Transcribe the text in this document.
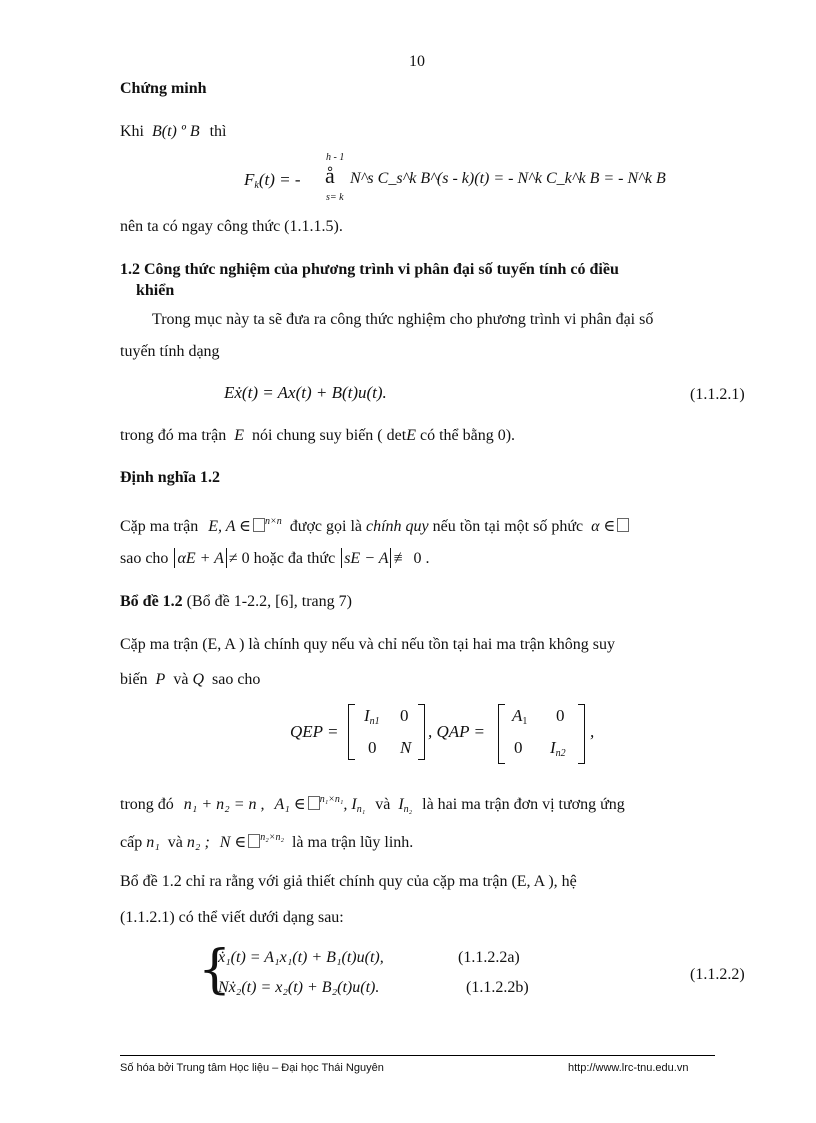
10
Chứng minh
Khi B(t) º B thì
h - 1
å
s= k
$F_k(t)$ = -	N^s C_s^k B^(s - k)(t) = - N^k C_k^k B = - N^k B
nên ta có ngay công thức (1.1.1.5).
1.2 Công thức nghiệm của phương trình vi phân đại số tuyến tính có điều
khiển
Trong mục này ta sẽ đưa ra công thức nghiệm cho phương trình vi phân đại số
tuyến tính dạng
Eẋ(t) = Ax(t) + B(t)u(t).	(1.1.2.1)
trong đó ma trận E nói chung suy biến ( detE có thể bằng 0).
Định nghĩa 1.2
Cặp ma trận E, A ∈ $^{n\times n}$ được gọi là chính quy nếu tồn tại một số phức α ∈
sao cho αE + A ≠ 0 hoặc đa thức sE − A ≢ 0 .
Bổ đề 1.2 (Bổ đề 1-2.2, [6], trang 7)
Cặp ma trận (E, A ) là chính quy nếu và chỉ nếu tồn tại hai ma trận không suy
biến P và Q sao cho
QEP =
$I_{n1}$ 0
0 N
, QAP =
$A_1$ 0
0 $I_{n2}$
,
trong đó n₁ + n₂ = n , A₁ ∈ $^{n_1\times n_1}$, $I_{n_1}$ và $I_{n_2}$ là hai ma trận đơn vị tương ứng
cấp n₁ và n₂ ; N ∈ $^{n_2\times n_2}$ là ma trận lũy linh.
Bổ đề 1.2 chỉ ra rằng với giả thiết chính quy của cặp ma trận (E, A ), hệ
(1.1.2.1) có thể viết dưới dạng sau:
{
ẋ₁(t) = A₁x₁(t) + B₁(t)u(t),	(1.1.2.2a)
Nẋ₂(t) = x₂(t) + B₂(t)u(t).	(1.1.2.2b)
(1.1.2.2)
Số hóa bởi Trung tâm Học liệu – Đại học Thái Nguyên	http://www.lrc-tnu.edu.vn
